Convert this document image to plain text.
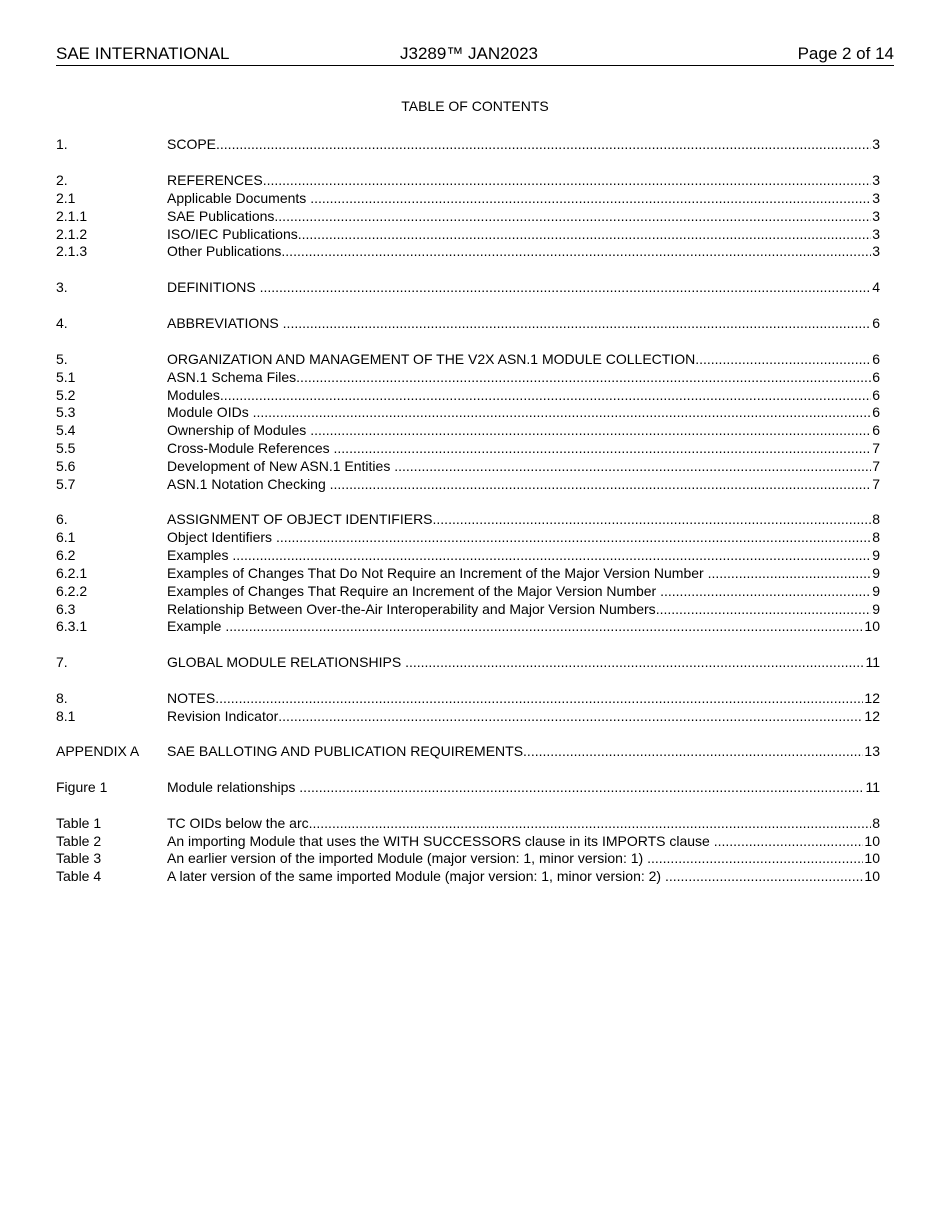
SAE INTERNATIONAL	J3289™ JAN2023	Page 2 of 14
TABLE OF CONTENTS
1.	SCOPE .....	3
2.	REFERENCES .....	3
2.1	Applicable Documents .....	3
2.1.1	SAE Publications .....	3
2.1.2	ISO/IEC Publications .....	3
2.1.3	Other Publications .....	3
3.	DEFINITIONS .....	4
4.	ABBREVIATIONS .....	6
5.	ORGANIZATION AND MANAGEMENT OF THE V2X ASN.1 MODULE COLLECTION .....	6
5.1	ASN.1 Schema Files .....	6
5.2	Modules .....	6
5.3	Module OIDs .....	6
5.4	Ownership of Modules .....	6
5.5	Cross-Module References .....	7
5.6	Development of New ASN.1 Entities .....	7
5.7	ASN.1 Notation Checking .....	7
6.	ASSIGNMENT OF OBJECT IDENTIFIERS .....	8
6.1	Object Identifiers .....	8
6.2	Examples .....	9
6.2.1	Examples of Changes That Do Not Require an Increment of the Major Version Number .....	9
6.2.2	Examples of Changes That Require an Increment of the Major Version Number .....	9
6.3	Relationship Between Over-the-Air Interoperability and Major Version Numbers .....	9
6.3.1	Example .....	10
7.	GLOBAL MODULE RELATIONSHIPS .....	11
8.	NOTES .....	12
8.1	Revision Indicator .....	12
APPENDIX A	SAE BALLOTING AND PUBLICATION REQUIREMENTS .....	13
Figure 1	Module relationships .....	11
Table 1	TC OIDs below the arc .....	8
Table 2	An importing Module that uses the WITH SUCCESSORS clause in its IMPORTS clause .....	10
Table 3	An earlier version of the imported Module (major version: 1, minor version: 1) .....	10
Table 4	A later version of the same imported Module (major version: 1, minor version: 2) .....	10
